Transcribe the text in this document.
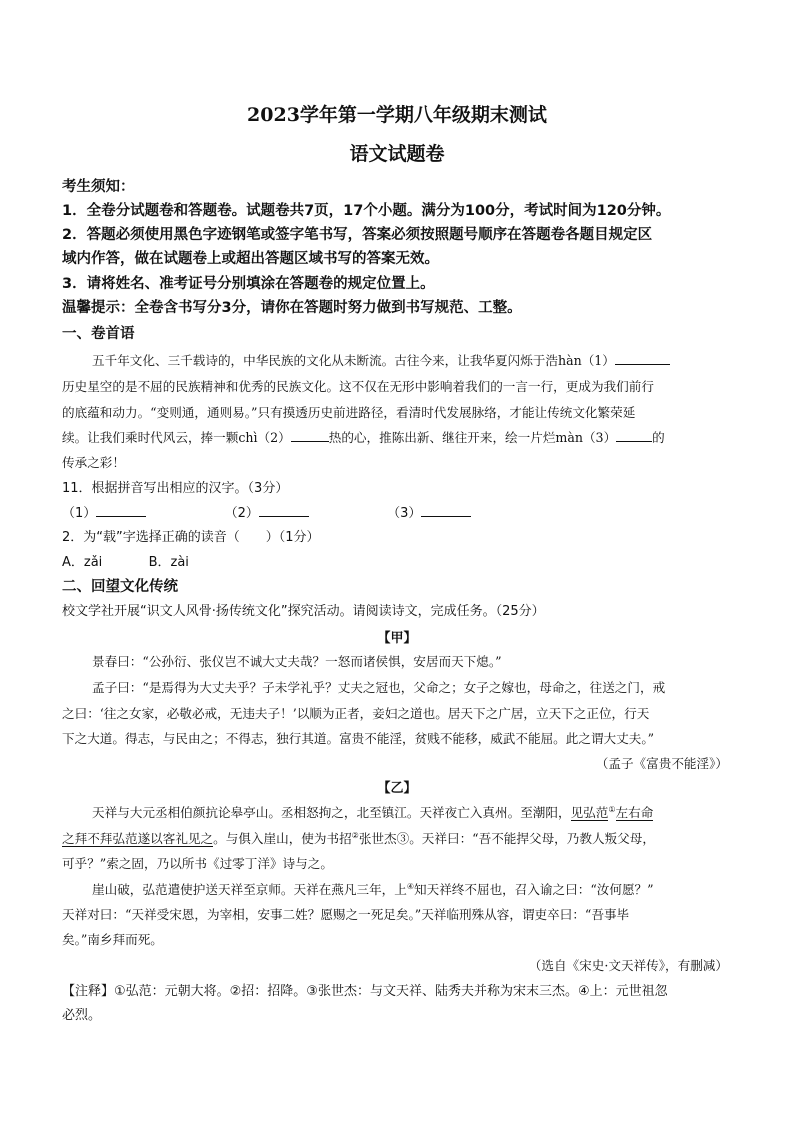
2023学年第一学期八年级期末测试
语文试题卷
考生须知：
1．全卷分试题卷和答题卷。试题卷共7页，17个小题。满分为100分，考试时间为120分钟。
2．答题必须使用黑色字迹钢笔或签字笔书写，答案必须按照题号顺序在答题卷各题目规定区
域内作答，做在试题卷上或超出答题区域书写的答案无效。
3．请将姓名、准考证号分别填涂在答题卷的规定位置上。
温馨提示：全卷含书写分3分，请你在答题时努力做到书写规范、工整。
一、卷首语
五千年文化、三千载诗的，中华民族的文化从未断流。古往今来，让我华夏闪烁于浩hàn（1）
历史星空的是不屈的民族精神和优秀的民族文化。这不仅在无形中影响着我们的一言一行，更成为我们前行
的底蕴和动力。“变则通，通则易。”只有摸透历史前进路径，看清时代发展脉络，才能让传统文化繁荣延
续。让我们乘时代风云，捧一颗chì（2）	热的心，推陈出新、继往开来，绘一片烂màn（3）	的
传承之彩！
11．根据拼音写出相应的汉字。（3分）
（1）	（2）	（3）
2．为“载”字选择正确的读音（　　）（1分）
A．zǎi	B．zài
二、回望文化传统
校文学社开展“识文人风骨·扬传统文化”探究活动。请阅读诗文，完成任务。（25分）
【甲】
景春曰：“公孙衍、张仪岂不诚大丈夫哉？一怒而诸侯惧，安居而天下熄。”
孟子曰：“是焉得为大丈夫乎？子未学礼乎？丈夫之冠也，父命之；女子之嫁也，母命之，往送之门，戒
之曰：‘往之女家，必敬必戒，无违夫子！’以顺为正者，妾妇之道也。居天下之广居，立天下之正位，行天
下之大道。得志，与民由之；不得志，独行其道。富贵不能淫，贫贱不能移，威武不能屈。此之谓大丈夫。”
（孟子《富贵不能淫》）
【乙】
天祥与大元丞相伯颜抗论皋亭山。丞相怒拘之，北至镇江。天祥夜亡入真州。至潮阳，见弘范①左右命
之拜不拜弘范遂以客礼见之。与俱入崖山，使为书招②张世杰③。天祥曰：“吾不能捍父母，乃教人叛父母，
可乎？”索之固，乃以所书《过零丁洋》诗与之。
崖山破，弘范遣使护送天祥至京师。天祥在燕凡三年，上④知天祥终不屈也，召入谕之曰：“汝何愿？”
天祥对曰：“天祥受宋恩，为宰相，安事二姓？愿赐之一死足矣。”天祥临刑殊从容，谓吏卒曰：“吾事毕
矣。”南乡拜而死。
（选自《宋史·文天祥传》，有删减）
【注释】①弘范：元朝大将。②招：招降。③张世杰：与文天祥、陆秀夫并称为宋末三杰。④上：元世祖忽
必烈。
